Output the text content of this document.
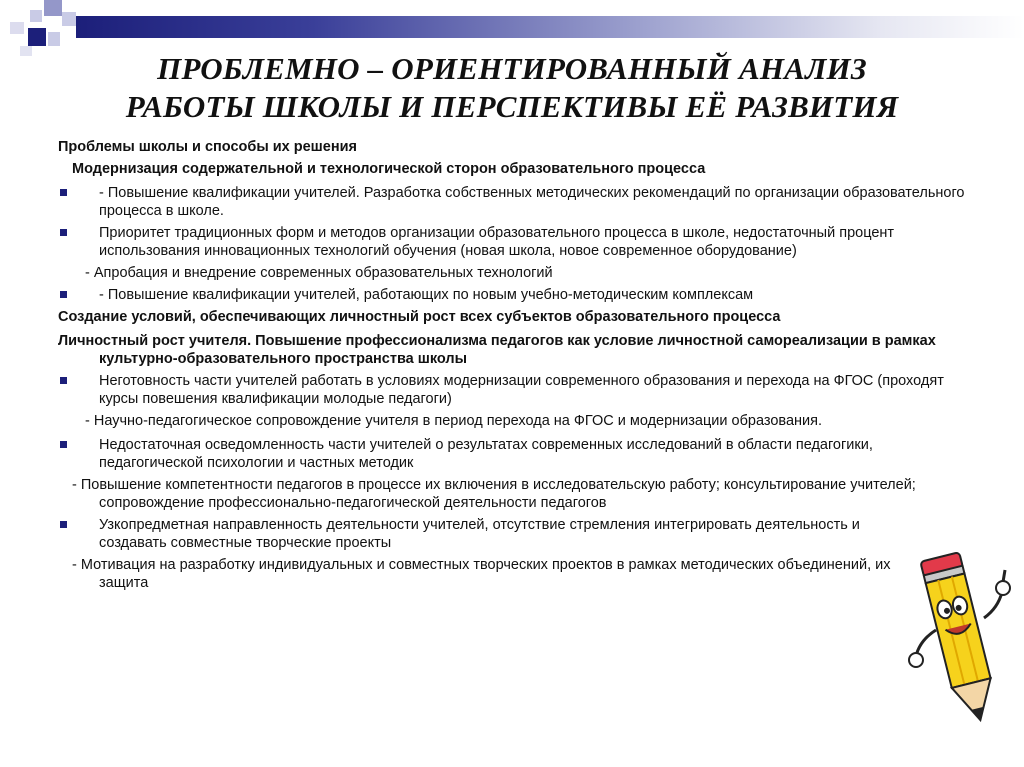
ПРОБЛЕМНО – ОРИЕНТИРОВАННЫЙ АНАЛИЗ
РАБОТЫ ШКОЛЫ И ПЕРСПЕКТИВЫ ЕЁ РАЗВИТИЯ
Проблемы школы и способы их решения
Модернизация содержательной и технологической сторон образовательного процесса
- Повышение квалификации учителей. Разработка собственных методических рекомендаций по организации образовательного процесса в школе.
Приоритет традиционных форм и методов организации образовательного процесса в школе, недостаточный процент использования инновационных технологий обучения (новая школа, новое современное оборудование)
- Апробация и внедрение современных образовательных технологий
- Повышение квалификации учителей, работающих по новым учебно-методическим комплексам
Создание условий, обеспечивающих личностный рост всех субъектов образовательного процесса
Личностный рост учителя. Повышение профессионализма педагогов как условие личностной самореализации в рамках культурно-образовательного пространства школы
Неготовность части учителей работать в условиях модернизации современного образования и перехода на ФГОС (проходят курсы повешения квалификации молодые педагоги)
- Научно-педагогическое сопровождение учителя в период перехода на ФГОС и модернизации образования.
Недостаточная осведомленность части учителей о результатах современных исследований в области педагогики, педагогической психологии и частных методик
- Повышение компетентности педагогов в процессе их включения в исследовательскую работу; консультирование учителей; сопровождение профессионально-педагогической деятельности педагогов
Узкопредметная направленность деятельности учителей, отсутствие стремления интегрировать деятельность и создавать совместные творческие проекты
- Мотивация на разработку индивидуальных и совместных творческих проектов в рамках методических объединений, их защита
